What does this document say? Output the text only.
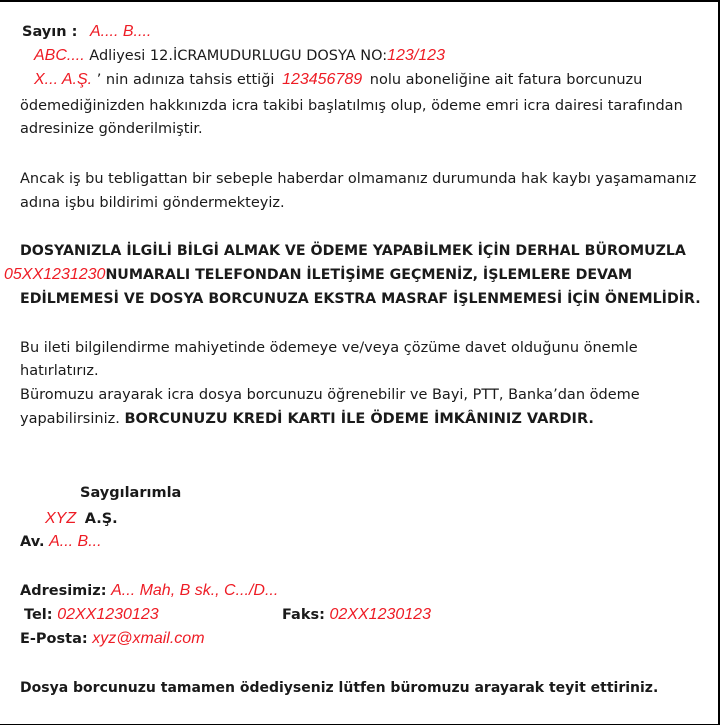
Sayın : A.... B....
ABC.... Adliyesi 12.İCRAMUDURLUGU DOSYA NO:123/123
X... A.Ş. ’ nin adınıza tahsis ettiği 123456789 nolu aboneliğine ait fatura borcunuzu
ödemediğinizden hakkınızda icra takibi başlatılmış olup, ödeme emri icra dairesi tarafından
adresinize gönderilmiştir.
Ancak iş bu tebligattan bir sebeple haberdar olmamanız durumunda hak kaybı yaşamamanız
adına işbu bildirimi göndermekteyiz.
DOSYANIZLA İLGİLİ BİLGİ ALMAK VE ÖDEME YAPABİLMEK İÇİN DERHAL BÜROMUZLA
05XX1231230NUMARALI TELEFONDAN İLETİŞİME GEÇMENİZ, İŞLEMLERE DEVAM
EDİLMEMESİ VE DOSYA BORCUNUZA EKSTRA MASRAF İŞLENMEMESİ İÇİN ÖNEMLİDİR.
Bu ileti bilgilendirme mahiyetinde ödemeye ve/veya çözüme davet olduğunu önemle
hatırlatırız.
Büromuzu arayarak icra dosya borcunuzu öğrenebilir ve Bayi, PTT, Banka’dan ödeme
yapabilirsiniz. BORCUNUZU KREDİ KARTI İLE ÖDEME İMKÂNINIZ VARDIR.
Saygılarımla
XYZ A.Ş.
Av. A... B...
Adresimiz: A... Mah, B sk., C.../D...
Tel: 02XX1230123	Faks: 02XX1230123
E-Posta: xyz@xmail.com
Dosya borcunuzu tamamen ödediyseniz lütfen büromuzu arayarak teyit ettiriniz.
